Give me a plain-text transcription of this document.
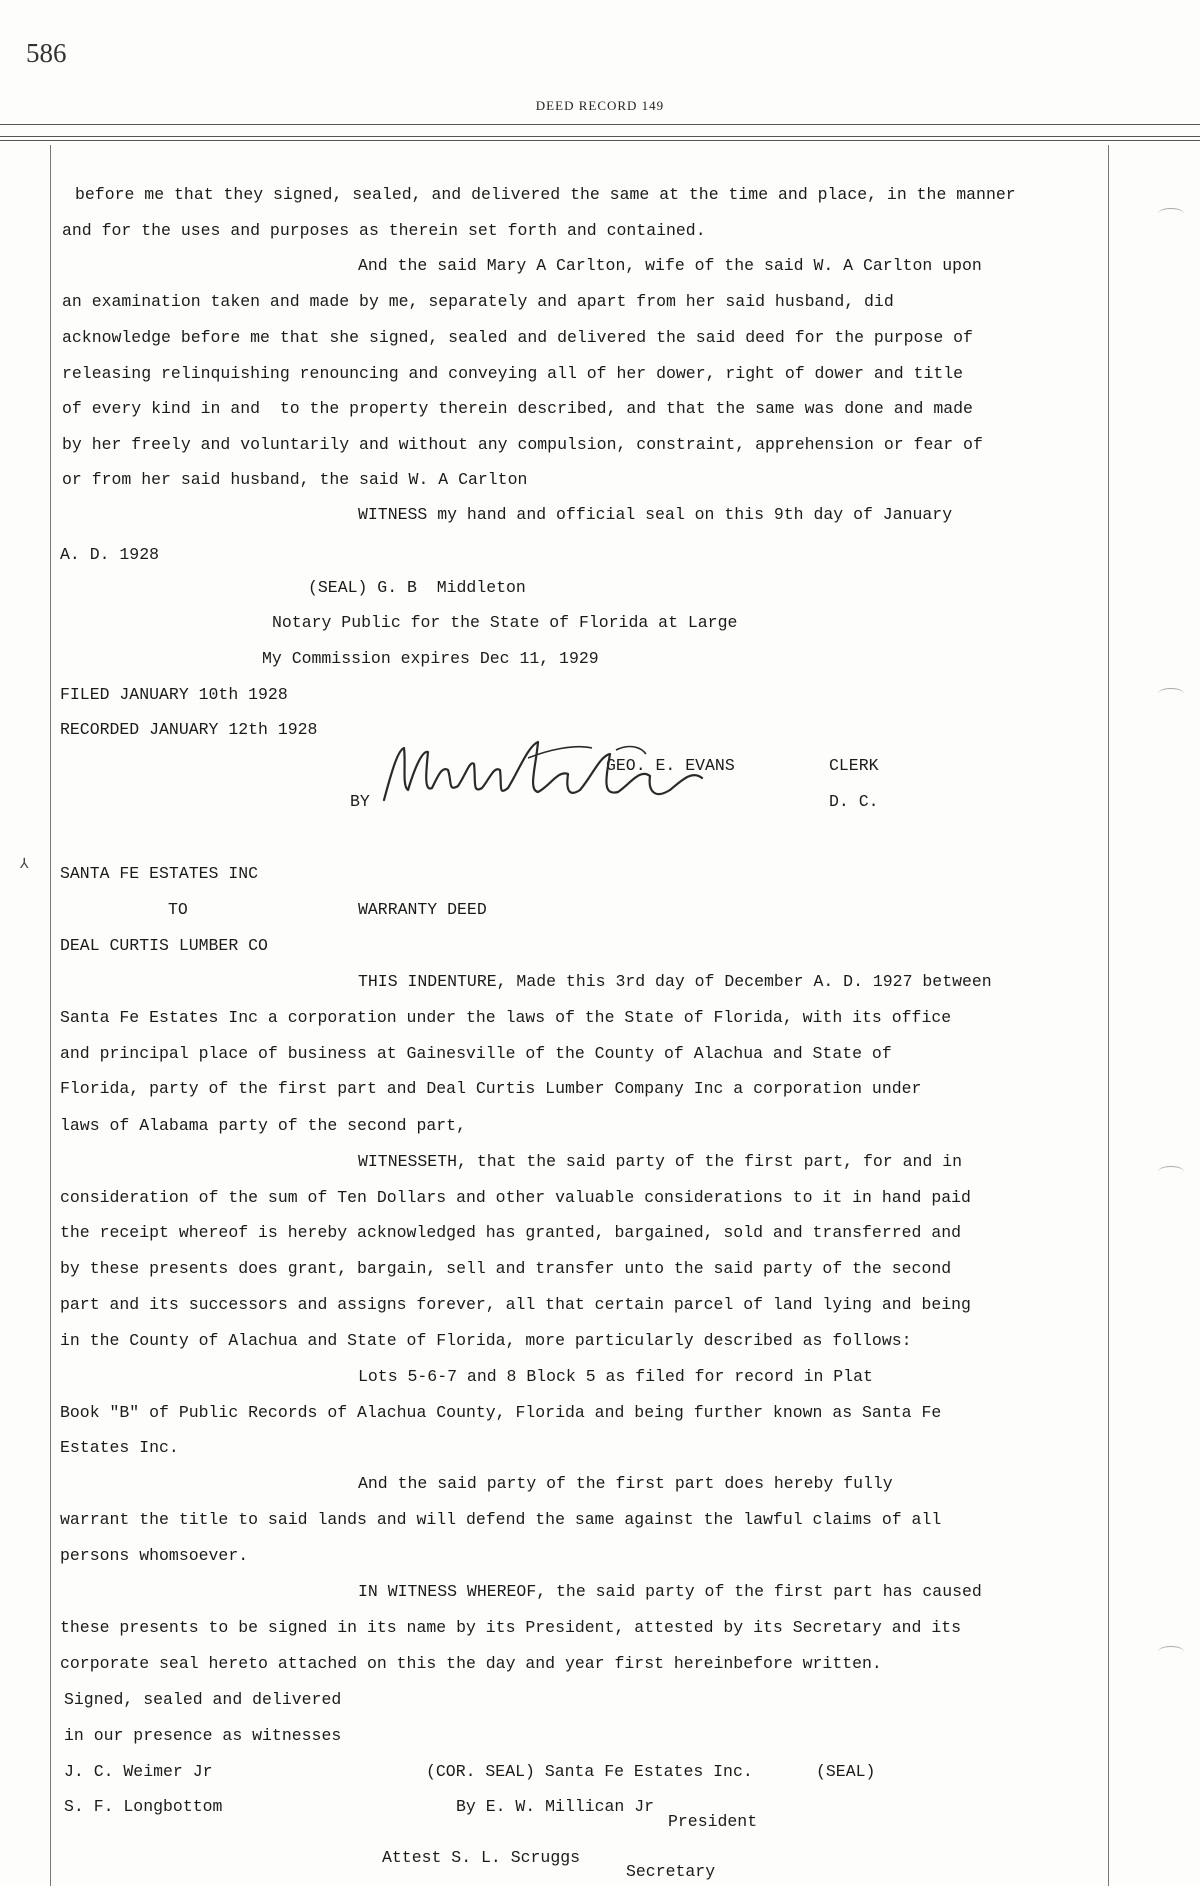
586
DEED RECORD 149
before me that they signed, sealed, and delivered the same at the time and place, in the manner
and for the uses and purposes as therein set forth and contained.
And the said Mary A Carlton, wife of the said W. A Carlton upon
an examination taken and made by me, separately and apart from her said husband, did
acknowledge before me that she signed, sealed and delivered the said deed for the purpose of
releasing relinquishing renouncing and conveying all of her dower, right of dower and title
of every kind in and  to the property therein described, and that the same was done and made
by her freely and voluntarily and without any compulsion, constraint, apprehension or fear of
or from her said husband, the said W. A Carlton
WITNESS my hand and official seal on this 9th day of January
A. D. 1928
(SEAL) G. B  Middleton
Notary Public for the State of Florida at Large
My Commission expires Dec 11, 1929
FILED JANUARY 10th 1928
RECORDED JANUARY 12th 1928
GEO. E. EVANS	CLERK
BY	D. C.
⅄ SANTA FE ESTATES INC
TO	WARRANTY DEED
DEAL CURTIS LUMBER CO
THIS INDENTURE, Made this 3rd day of December A. D. 1927 between
Santa Fe Estates Inc a corporation under the laws of the State of Florida, with its office
and principal place of business at Gainesville of the County of Alachua and State of
Florida, party of the first part and Deal Curtis Lumber Company Inc a corporation under
laws of Alabama party of the second part,
WITNESSETH, that the said party of the first part, for and in
consideration of the sum of Ten Dollars and other valuable considerations to it in hand paid
the receipt whereof is hereby acknowledged has granted, bargained, sold and transferred and
by these presents does grant, bargain, sell and transfer unto the said party of the second
part and its successors and assigns forever, all that certain parcel of land lying and being
in the County of Alachua and State of Florida, more particularly described as follows:
Lots 5-6-7 and 8 Block 5 as filed for record in Plat
Book "B" of Public Records of Alachua County, Florida and being further known as Santa Fe
Estates Inc.
And the said party of the first part does hereby fully
warrant the title to said lands and will defend the same against the lawful claims of all
persons whomsoever.
IN WITNESS WHEREOF, the said party of the first part has caused
these presents to be signed in its name by its President, attested by its Secretary and its
corporate seal hereto attached on this the day and year first hereinbefore written.
Signed, sealed and delivered
in our presence as witnesses
J. C. Weimer Jr	(COR. SEAL) Santa Fe Estates Inc.	(SEAL)
S. F. Longbottom	By E. W. Millican Jr
President
Attest S. L. Scruggs
Secretary
